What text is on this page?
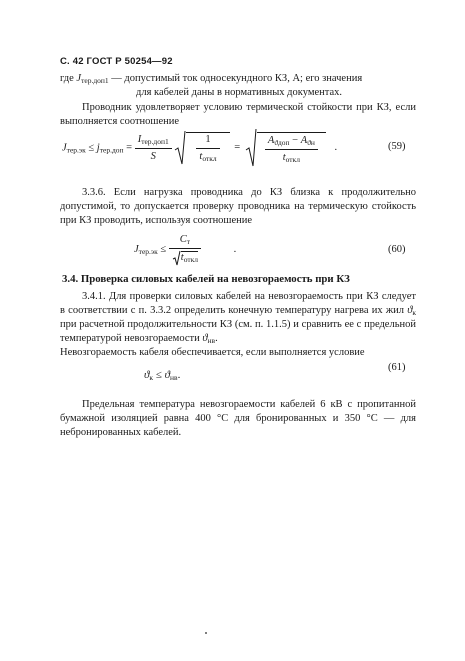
С. 42 ГОСТ Р 50254—92
где $J_{тер.доп1}$ — допустимый ток односекундного КЗ, А; его значения
для кабелей даны в нормативных документах.

Проводник удовлетворяет условию термической стойкости при КЗ, если выполняется соотношение

$J_{тер.эк} \le j_{тер.доп} = \frac{I_{тер.доп1}}{S}$
$\frac{1}{t_{откл}} = \frac{A_{ϑдоп} - A_{ϑн}}{t_{откл}}$ .	(59)

3.3.6. Если нагрузка проводника до КЗ близка к продолжительно допустимой, то допускается проверку проводника на термическую стойкость при КЗ проводить, используя соотношение

$J_{тер.эк} \le \frac{C_т}{t_{откл}}$	.	(60)
3.4. Проверка силовых кабелей на невозгораемость при КЗ

3.4.1. Для проверки силовых кабелей на невозгораемость при КЗ следует в соответствии с п. 3.3.2 определить конечную температуру нагрева их жил $ϑ_к$ при расчетной продолжительности КЗ (см. п. 1.1.5) и сравнить ее с предельной температурой невозгораемости $ϑ_{нв}$.

Невозгораемость кабеля обеспечивается, если выполняется условие

$ϑ_к \le ϑ_{нв}$.
(61)

Предельная температура невозгораемости кабелей 6 кВ с пропитанной бумажной изоляцией равна 400 °С для бронированных и 350 °С — для небронированных кабелей.
